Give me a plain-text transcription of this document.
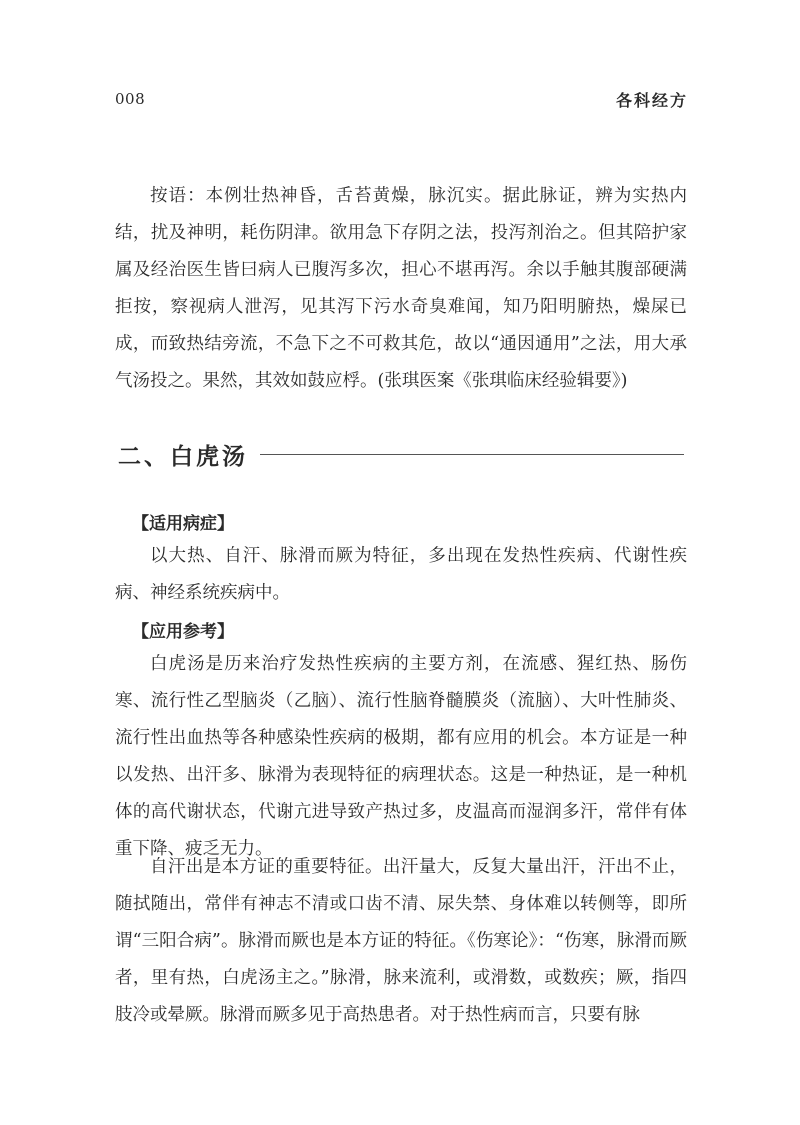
008	各科经方

按语：本例壮热神昏，舌苔黄燥，脉沉实。据此脉证，辨为实热内结，扰及神明，耗伤阴津。欲用急下存阴之法，投泻剂治之。但其陪护家属及经治医生皆曰病人已腹泻多次，担心不堪再泻。余以手触其腹部硬满拒按，察视病人泄泻，见其泻下污水奇臭难闻，知乃阳明腑热，燥屎已成，而致热结旁流，不急下之不可救其危，故以“通因通用”之法，用大承气汤投之。果然，其效如鼓应桴。(张琪医案《张琪临床经验辑要》)

二、白虎汤
【适用病症】

以大热、自汗、脉滑而厥为特征，多出现在发热性疾病、代谢性疾病、神经系统疾病中。

【应用参考】

白虎汤是历来治疗发热性疾病的主要方剂，在流感、猩红热、肠伤寒、流行性乙型脑炎（乙脑）、流行性脑脊髓膜炎（流脑）、大叶性肺炎、流行性出血热等各种感染性疾病的极期，都有应用的机会。本方证是一种以发热、出汗多、脉滑为表现特征的病理状态。这是一种热证，是一种机体的高代谢状态，代谢亢进导致产热过多，皮温高而湿润多汗，常伴有体重下降、疲乏无力。

自汗出是本方证的重要特征。出汗量大，反复大量出汗，汗出不止，随拭随出，常伴有神志不清或口齿不清、尿失禁、身体难以转侧等，即所谓“三阳合病”。脉滑而厥也是本方证的特征。《伤寒论》：“伤寒，脉滑而厥者，里有热，白虎汤主之。”脉滑，脉来流利，或滑数，或数疾；厥，指四肢冷或晕厥。脉滑而厥多见于高热患者。对于热性病而言，只要有脉
